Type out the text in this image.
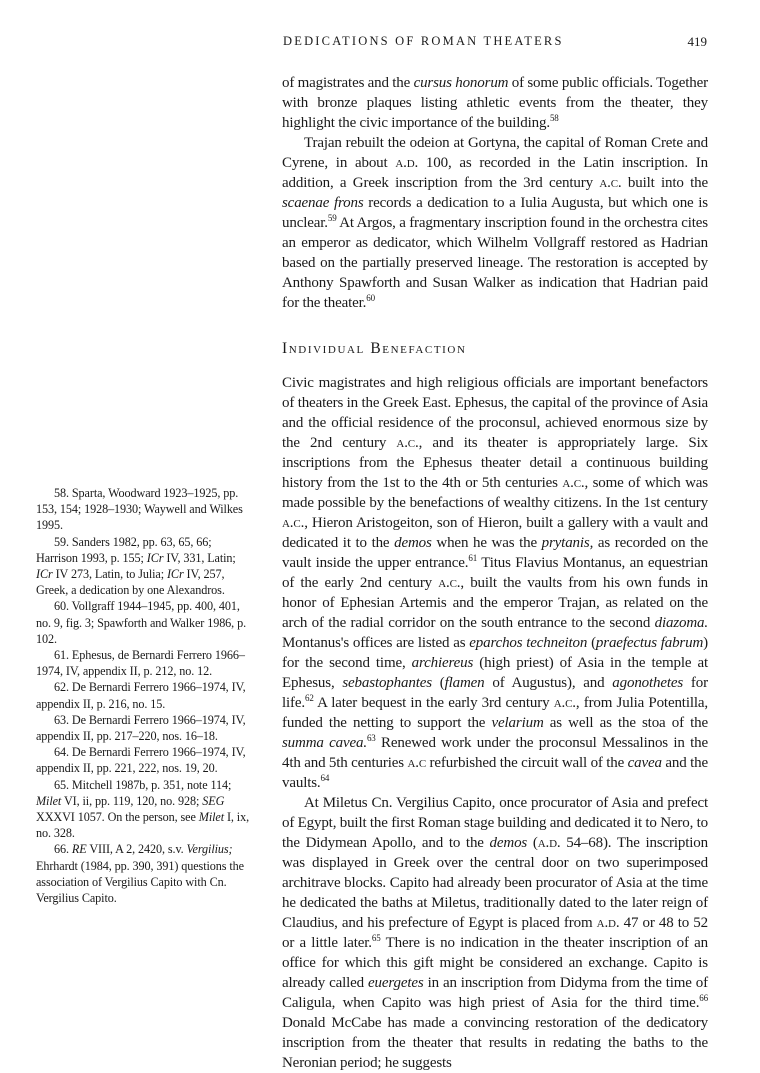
DEDICATIONS OF ROMAN THEATERS	419

of magistrates and the cursus honorum of some public officials. Together with bronze plaques listing athletic events from the theater, they highlight the civic importance of the building.$^{58}$

Trajan rebuilt the odeion at Gortyna, the capital of Roman Crete and Cyrene, in about a.d. 100, as recorded in the Latin inscription. In addition, a Greek inscription from the 3rd century a.c. built into the scaenae frons records a dedication to a Iulia Augusta, but which one is unclear.$^{59}$ At Argos, a fragmentary inscription found in the orchestra cites an emperor as dedicator, which Wilhelm Vollgraff restored as Hadrian based on the partially preserved lineage. The restoration is accepted by Anthony Spawforth and Susan Walker as indication that Hadrian paid for the theater.$^{60}$

Individual Benefaction

Civic magistrates and high religious officials are important benefactors of theaters in the Greek East. Ephesus, the capital of the province of Asia and the official residence of the proconsul, achieved enormous size by the 2nd century a.c., and its theater is appropriately large. Six inscriptions from the Ephesus theater detail a continuous building history from the 1st to the 4th or 5th centuries a.c., some of which was made possible by the benefactions of wealthy citizens. In the 1st century a.c., Hieron Aristogeiton, son of Hieron, built a gallery with a vault and dedicated it to the demos when he was the prytanis, as recorded on the vault inside the upper entrance.$^{61}$ Titus Flavius Montanus, an equestrian of the early 2nd century a.c., built the vaults from his own funds in honor of Ephesian Artemis and the emperor Trajan, as related on the arch of the radial corridor on the south entrance to the second diazoma. Montanus's offices are listed as eparchos techneiton (praefectus fabrum) for the second time, archiereus (high priest) of Asia in the temple at Ephesus, sebastophantes (flamen of Augustus), and agonothetes for life.$^{62}$ A later bequest in the early 3rd century a.c., from Julia Potentilla, funded the netting to support the velarium as well as the stoa of the summa cavea.$^{63}$ Renewed work under the proconsul Messalinos in the 4th and 5th centuries a.c refurbished the circuit wall of the cavea and the vaults.$^{64}$

At Miletus Cn. Vergilius Capito, once procurator of Asia and prefect of Egypt, built the first Roman stage building and dedicated it to Nero, to the Didymean Apollo, and to the demos (a.d. 54–68). The inscription was displayed in Greek over the central door on two superimposed architrave blocks. Capito had already been procurator of Asia at the time he dedicated the baths at Miletus, traditionally dated to the later reign of Claudius, and his prefecture of Egypt is placed from a.d. 47 or 48 to 52 or a little later.$^{65}$ There is no indication in the theater inscription of an office for which this gift might be considered an exchange. Capito is already called euergetes in an inscription from Didyma from the time of Caligula, when Capito was high priest of Asia for the third time.$^{66}$ Donald McCabe has made a convincing restoration of the dedicatory inscription from the theater that results in redating the baths to the Neronian period; he suggests

58. Sparta, Woodward 1923–1925, pp. 153, 154; 1928–1930; Waywell and Wilkes 1995.

59. Sanders 1982, pp. 63, 65, 66; Harrison 1993, p. 155; ICr IV, 331, Latin; ICr IV 273, Latin, to Julia; ICr IV, 257, Greek, a dedication by one Alexandros.

60. Vollgraff 1944–1945, pp. 400, 401, no. 9, fig. 3; Spawforth and Walker 1986, p. 102.

61. Ephesus, de Bernardi Ferrero 1966–1974, IV, appendix II, p. 212, no. 12.

62. De Bernardi Ferrero 1966–1974, IV, appendix II, p. 216, no. 15.

63. De Bernardi Ferrero 1966–1974, IV, appendix II, pp. 217–220, nos. 16–18.

64. De Bernardi Ferrero 1966–1974, IV, appendix II, pp. 221, 222, nos. 19, 20.

65. Mitchell 1987b, p. 351, note 114; Milet VI, ii, pp. 119, 120, no. 928; SEG XXXVI 1057. On the person, see Milet I, ix, no. 328.

66. RE VIII, A 2, 2420, s.v. Vergilius; Ehrhardt (1984, pp. 390, 391) questions the association of Vergilius Capito with Cn. Vergilius Capito.
